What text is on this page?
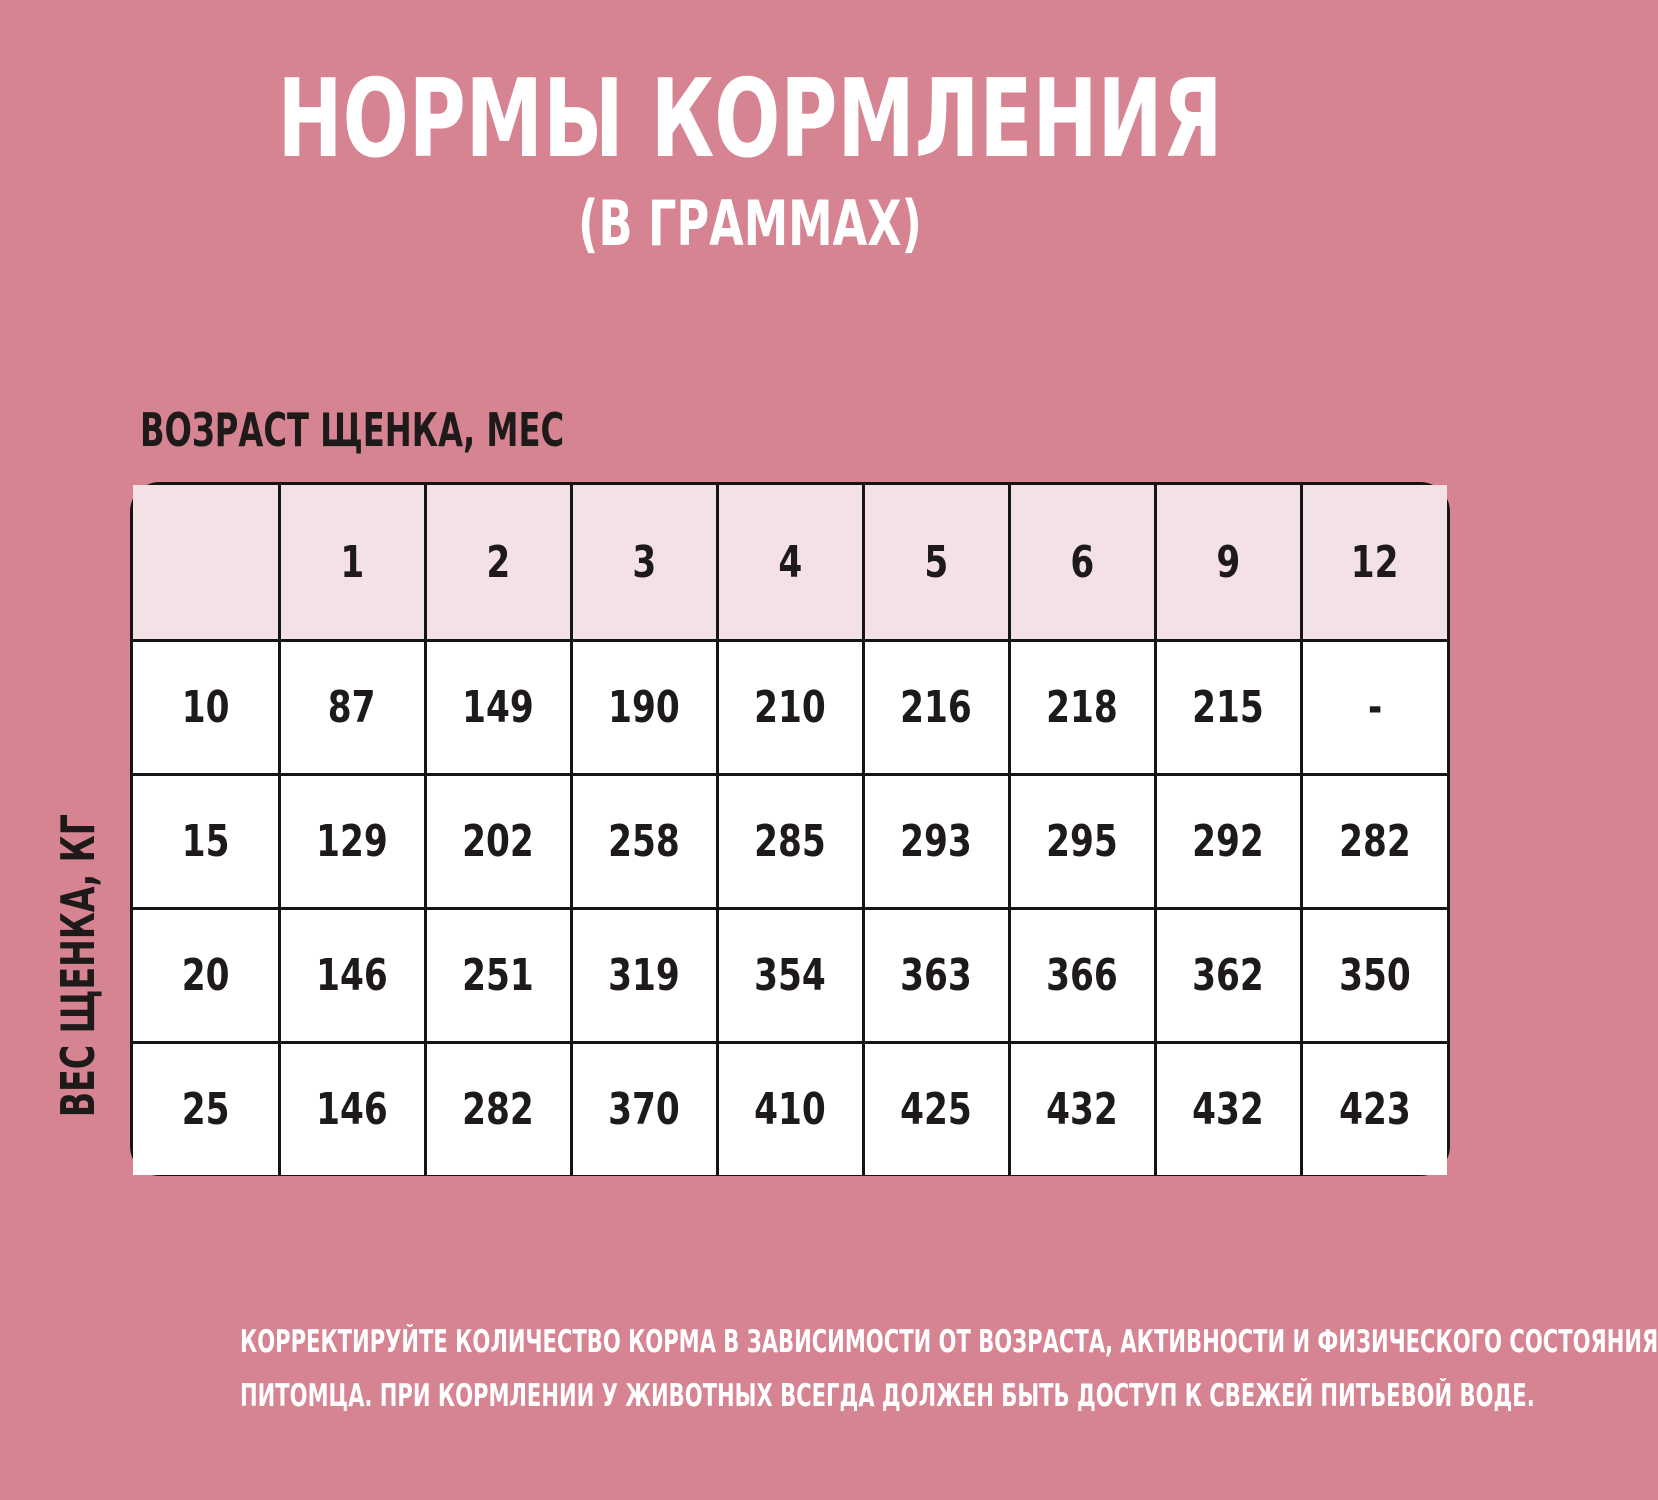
НОРМЫ КОРМЛЕНИЯ
(В ГРАММАХ)
ВОЗРАСТ ЩЕНКА, МЕС
ВЕС ЩЕНКА, КГ
	1	2	3	4	5	6	9	12
10	87	149	190	210	216	218	215	-
15	129	202	258	285	293	295	292	282
20	146	251	319	354	363	366	362	350
25	146	282	370	410	425	432	432	423
КОРРЕКТИРУЙТЕ КОЛИЧЕСТВО КОРМА В ЗАВИСИМОСТИ ОТ ВОЗРАСТА, АКТИВНОСТИ И ФИЗИЧЕСКОГО СОСТОЯНИЯ
ПИТОМЦА. ПРИ КОРМЛЕНИИ У ЖИВОТНЫХ ВСЕГДА ДОЛЖЕН БЫТЬ ДОСТУП К СВЕЖЕЙ ПИТЬЕВОЙ ВОДЕ.
